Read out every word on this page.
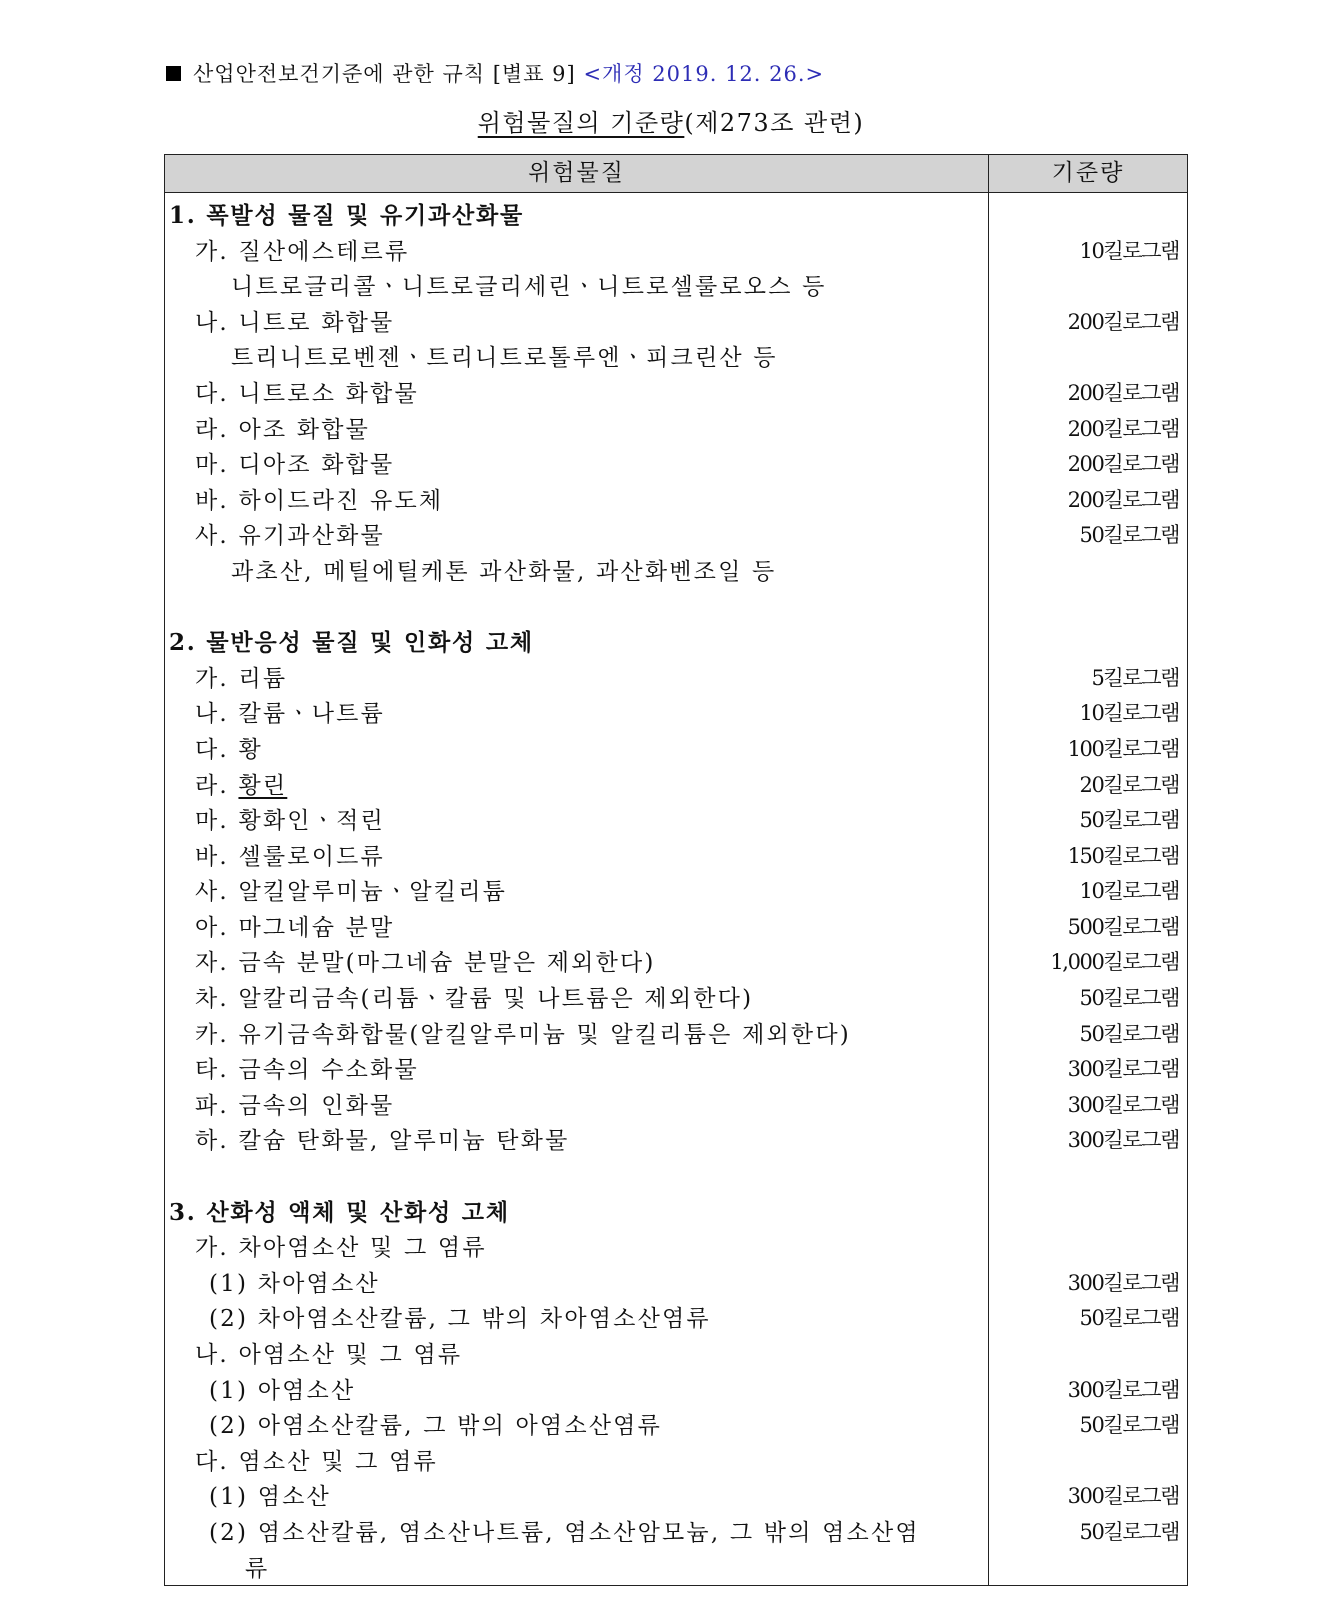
산업안전보건기준에 관한 규칙 [별표 9] <개정 2019. 12. 26.>
위험물질의 기준량(제273조 관련)
위험물질	기준량
1. 폭발성 물질 및 유기과산화물
가. 질산에스테르류	10킬로그램
니트로글리콜ㆍ니트로글리세린ㆍ니트로셀룰로오스 등
나. 니트로 화합물	200킬로그램
트리니트로벤젠ㆍ트리니트로톨루엔ㆍ피크린산 등
다. 니트로소 화합물	200킬로그램
라. 아조 화합물	200킬로그램
마. 디아조 화합물	200킬로그램
바. 하이드라진 유도체	200킬로그램
사. 유기과산화물	50킬로그램
과초산, 메틸에틸케톤 과산화물, 과산화벤조일 등
2. 물반응성 물질 및 인화성 고체
가. 리튬	5킬로그램
나. 칼륨ㆍ나트륨	10킬로그램
다. 황	100킬로그램
라. 황린	20킬로그램
마. 황화인ㆍ적린	50킬로그램
바. 셀룰로이드류	150킬로그램
사. 알킬알루미늄ㆍ알킬리튬	10킬로그램
아. 마그네슘 분말	500킬로그램
자. 금속 분말(마그네슘 분말은 제외한다)	1,000킬로그램
차. 알칼리금속(리튬ㆍ칼륨 및 나트륨은 제외한다)	50킬로그램
카. 유기금속화합물(알킬알루미늄 및 알킬리튬은 제외한다)	50킬로그램
타. 금속의 수소화물	300킬로그램
파. 금속의 인화물	300킬로그램
하. 칼슘 탄화물, 알루미늄 탄화물	300킬로그램
3. 산화성 액체 및 산화성 고체
가. 차아염소산 및 그 염류
(1) 차아염소산	300킬로그램
(2) 차아염소산칼륨, 그 밖의 차아염소산염류	50킬로그램
나. 아염소산 및 그 염류
(1) 아염소산	300킬로그램
(2) 아염소산칼륨, 그 밖의 아염소산염류	50킬로그램
다. 염소산 및 그 염류
(1) 염소산	300킬로그램
(2) 염소산칼륨, 염소산나트륨, 염소산암모늄, 그 밖의 염소산염	50킬로그램
류
